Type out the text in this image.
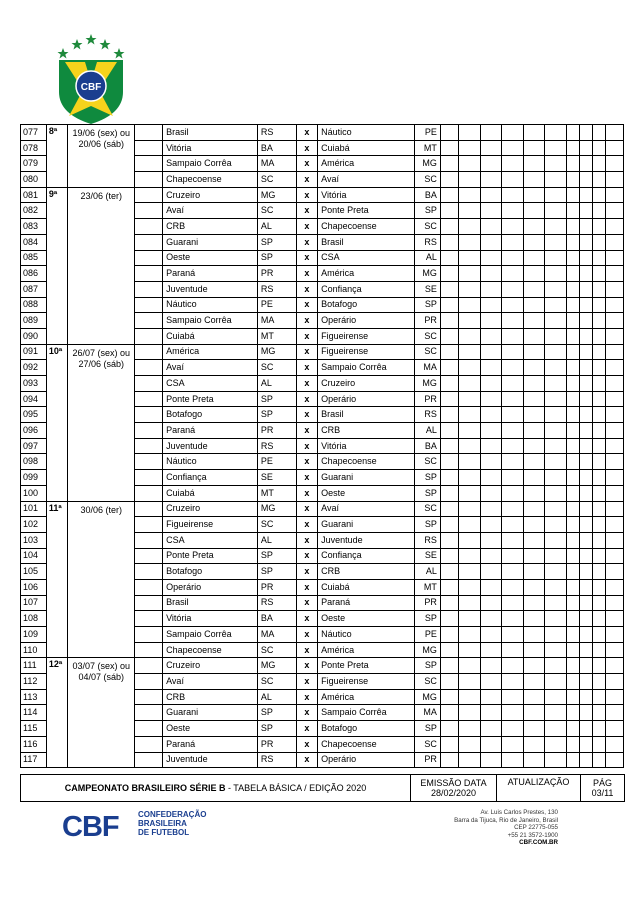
CBF
077	8ª	19/06 (sex) ou 20/06 (sáb)		Brasil	RS	x	Náutico	PE										
078				Vitória	BA	x	Cuiabá	MT										
079				Sampaio Corrêa	MA	x	América	MG										
080				Chapecoense	SC	x	Avaí	SC										
081	9ª	23/06 (ter)		Cruzeiro	MG	x	Vitória	BA										
082				Avaí	SC	x	Ponte Preta	SP										
083				CRB	AL	x	Chapecoense	SC										
084				Guarani	SP	x	Brasil	RS										
085				Oeste	SP	x	CSA	AL										
086				Paraná	PR	x	América	MG										
087				Juventude	RS	x	Confiança	SE										
088				Náutico	PE	x	Botafogo	SP										
089				Sampaio Corrêa	MA	x	Operário	PR										
090				Cuiabá	MT	x	Figueirense	SC										
091	10ª	26/07 (sex) ou 27/06 (sáb)		América	MG	x	Figueirense	SC										
092				Avaí	SC	x	Sampaio Corrêa	MA										
093				CSA	AL	x	Cruzeiro	MG										
094				Ponte Preta	SP	x	Operário	PR										
095				Botafogo	SP	x	Brasil	RS										
096				Paraná	PR	x	CRB	AL										
097				Juventude	RS	x	Vitória	BA										
098				Náutico	PE	x	Chapecoense	SC										
099				Confiança	SE	x	Guarani	SP										
100				Cuiabá	MT	x	Oeste	SP										
101	11ª	30/06 (ter)		Cruzeiro	MG	x	Avaí	SC										
102				Figueirense	SC	x	Guarani	SP										
103				CSA	AL	x	Juventude	RS										
104				Ponte Preta	SP	x	Confiança	SE										
105				Botafogo	SP	x	CRB	AL										
106				Operário	PR	x	Cuiabá	MT										
107				Brasil	RS	x	Paraná	PR										
108				Vitória	BA	x	Oeste	SP										
109				Sampaio Corrêa	MA	x	Náutico	PE										
110				Chapecoense	SC	x	América	MG										
111	12ª	03/07 (sex) ou 04/07 (sáb)		Cruzeiro	MG	x	Ponte Preta	SP										
112				Avaí	SC	x	Figueirense	SC										
113				CRB	AL	x	América	MG										
114				Guarani	SP	x	Sampaio Corrêa	MA										
115				Oeste	SP	x	Botafogo	SP										
116				Paraná	PR	x	Chapecoense	SC										
117				Juventude	RS	x	Operário	PR										
CAMPEONATO BRASILEIRO SÉRIE B - TABELA BÁSICA / EDIÇÃO 2020	EMISSÃO DATA
28/02/2020

ATUALIZAÇÃO	PÁG
03/11
CBF CONFEDERAÇÃO
BRASILEIRA
DE FUTEBOL
Av. Luis Carlos Prestes, 130
Barra da Tijuca, Rio de Janeiro, Brasil
CEP 22775-055
+55 21 3572-1900
CBF.COM.BR
